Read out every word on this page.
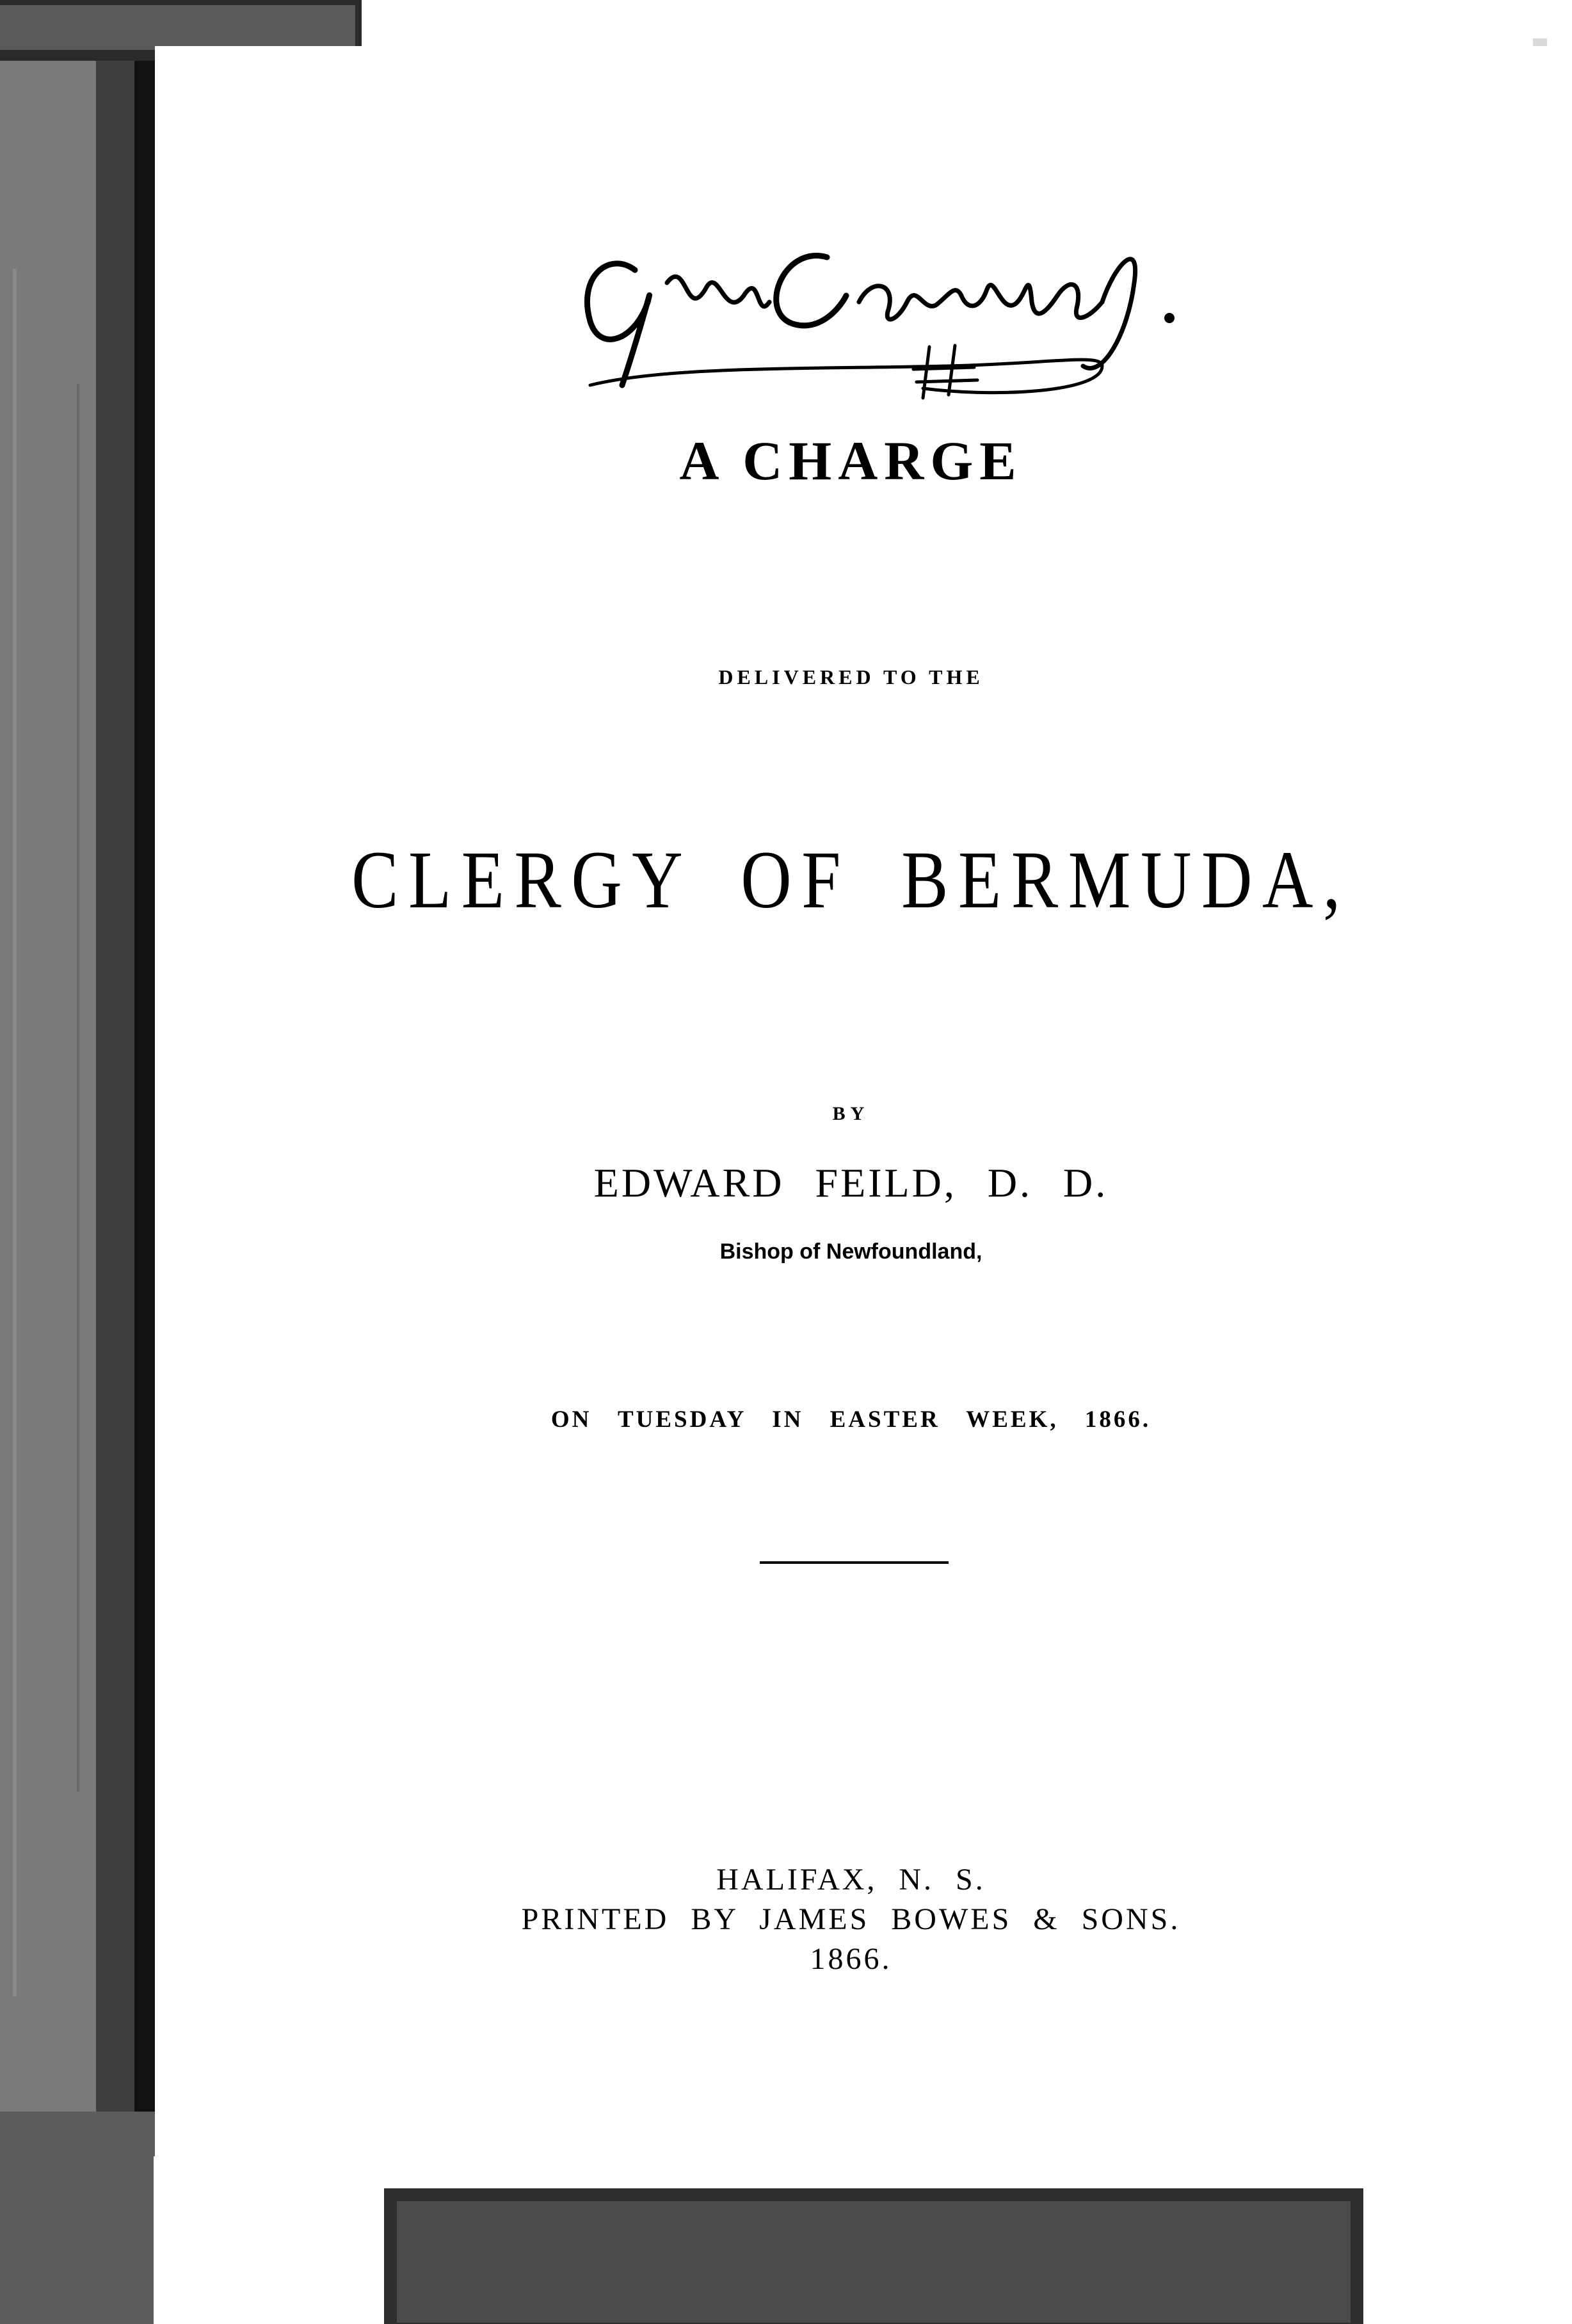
A CHARGE

DELIVERED TO THE

CLERGY OF BERMUDA,

BY

EDWARD FEILD, D. D.

Bishop of Newfoundland,

ON TUESDAY IN EASTER WEEK, 1866.

HALIFAX, N. S.

PRINTED BY JAMES BOWES & SONS.

1866.
